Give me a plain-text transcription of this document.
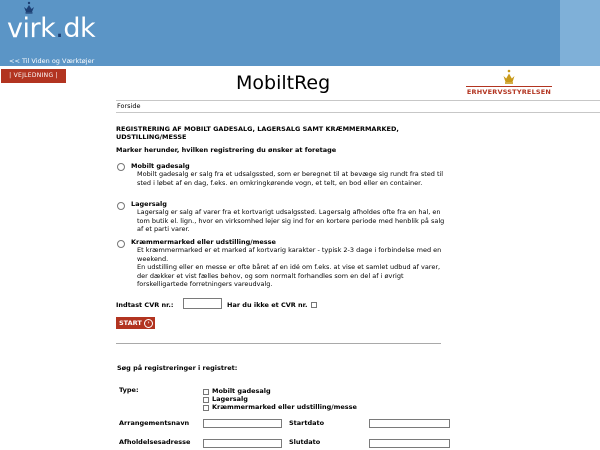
virk.dk
<< Til Viden og Værktøjer
| VEJLEDNING |	MobiltReg	ERHVERVSSTYRELSEN
Forside
REGISTRERING AF MOBILT GADESALG, LAGERSALG SAMT KRÆMMERMARKED,
UDSTILLING/MESSE
Marker herunder, hvilken registrering du ønsker at foretage
Mobilt gadesalg
Mobilt gadesalg er salg fra et udsalgssted, som er beregnet til at bevæge sig rundt fra sted til sted i løbet af en dag, f.eks. en omkringkørende vogn, et telt, en bod eller en container.
Lagersalg
Lagersalg er salg af varer fra et kortvarigt udsalgssted. Lagersalg afholdes ofte fra en hal, en tom butik el. lign., hvor en virksomhed lejer sig ind for en kortere periode med henblik på salg af et parti varer.
Kræmmermarked eller udstilling/messe
Et kræmmermarked er et marked af kortvarig karakter - typisk 2-3 dage i forbindelse med en weekend.
En udstilling eller en messe er ofte båret af en idé om f.eks. at vise et samlet udbud af varer, der dækker et vist fælles behov, og som normalt forhandles som en del af i øvrigt forskelligartede forretningers vareudvalg.
Indtast CVR nr.:	Har du ikke et CVR nr.
START	›
Søg på registreringer i registret:
Type:	Mobilt gadesalg
Lagersalg
Kræmmermarked eller udstilling/messe
Arrangementsnavn	Startdato
Afholdelsesadresse	Slutdato
